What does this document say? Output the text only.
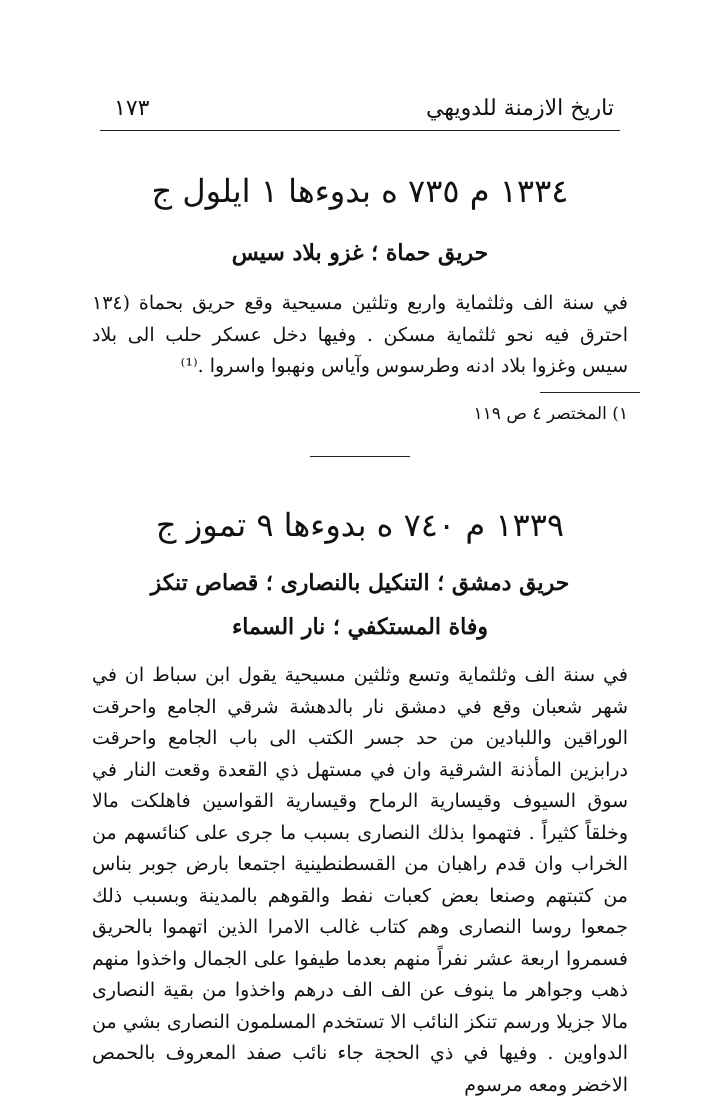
١٧٣	تاريخ الازمنة للدويهي
١٣٣٤ م ٧٣٥ ه بدوءها ١ ايلول ج
حريق حماة ؛ غزو بلاد سيس
في سنة الف وثلثماية واربع وتلثين مسيحية وقع حريق بحماة (١٣٤ احترق فيه نحو ثلثماية مسكن . وفيها دخل عسكر حلب الى بلاد سيس وغزوا بلاد ادنه وطرسوس وآياس ونهبوا واسروا .⁽¹⁾
١) المختصر ٤ ص ١١٩
١٣٣٩ م ٧٤٠ ه بدوءها ٩ تموز ج
حريق دمشق ؛ التنكيل بالنصارى ؛ قصاص تنكز
وفاة المستكفي ؛ نار السماء
في سنة الف وثلثماية وتسع وثلثين مسيحية يقول ابن سباط ان في شهر شعبان وقع في دمشق نار بالدهشة شرقي الجامع واحرقت الوراقين واللبادين من حد جسر الكتب الى باب الجامع واحرقت درابزين المأذنة الشرقية وان في مستهل ذي القعدة وقعت النار في سوق السيوف وقيسارية الرماح وقيسارية القواسين فاهلكت مالا وخلقاً كثيراً . فتهموا بذلك النصارى بسبب ما جرى على كنائسهم من الخراب وان قدم راهبان من القسطنطينية اجتمعا بارض جوبر بناس من كتبتهم وصنعا بعض كعبات نفط والقوهم بالمدينة وبسبب ذلك جمعوا روسا النصارى وهم كتاب غالب الامرا الذين اتهموا بالحريق فسمروا اربعة عشر نفراً منهم بعدما طيفوا على الجمال واخذوا منهم ذهب وجواهر ما ينوف عن الف الف درهم واخذوا من بقية النصارى مالا جزيلا ورسم تنكز النائب الا تستخدم المسلمون النصارى بشي من الدواوين . وفيها في ذي الحجة جاء نائب صفد المعروف بالحمص الاخضر ومعه مرسوم
